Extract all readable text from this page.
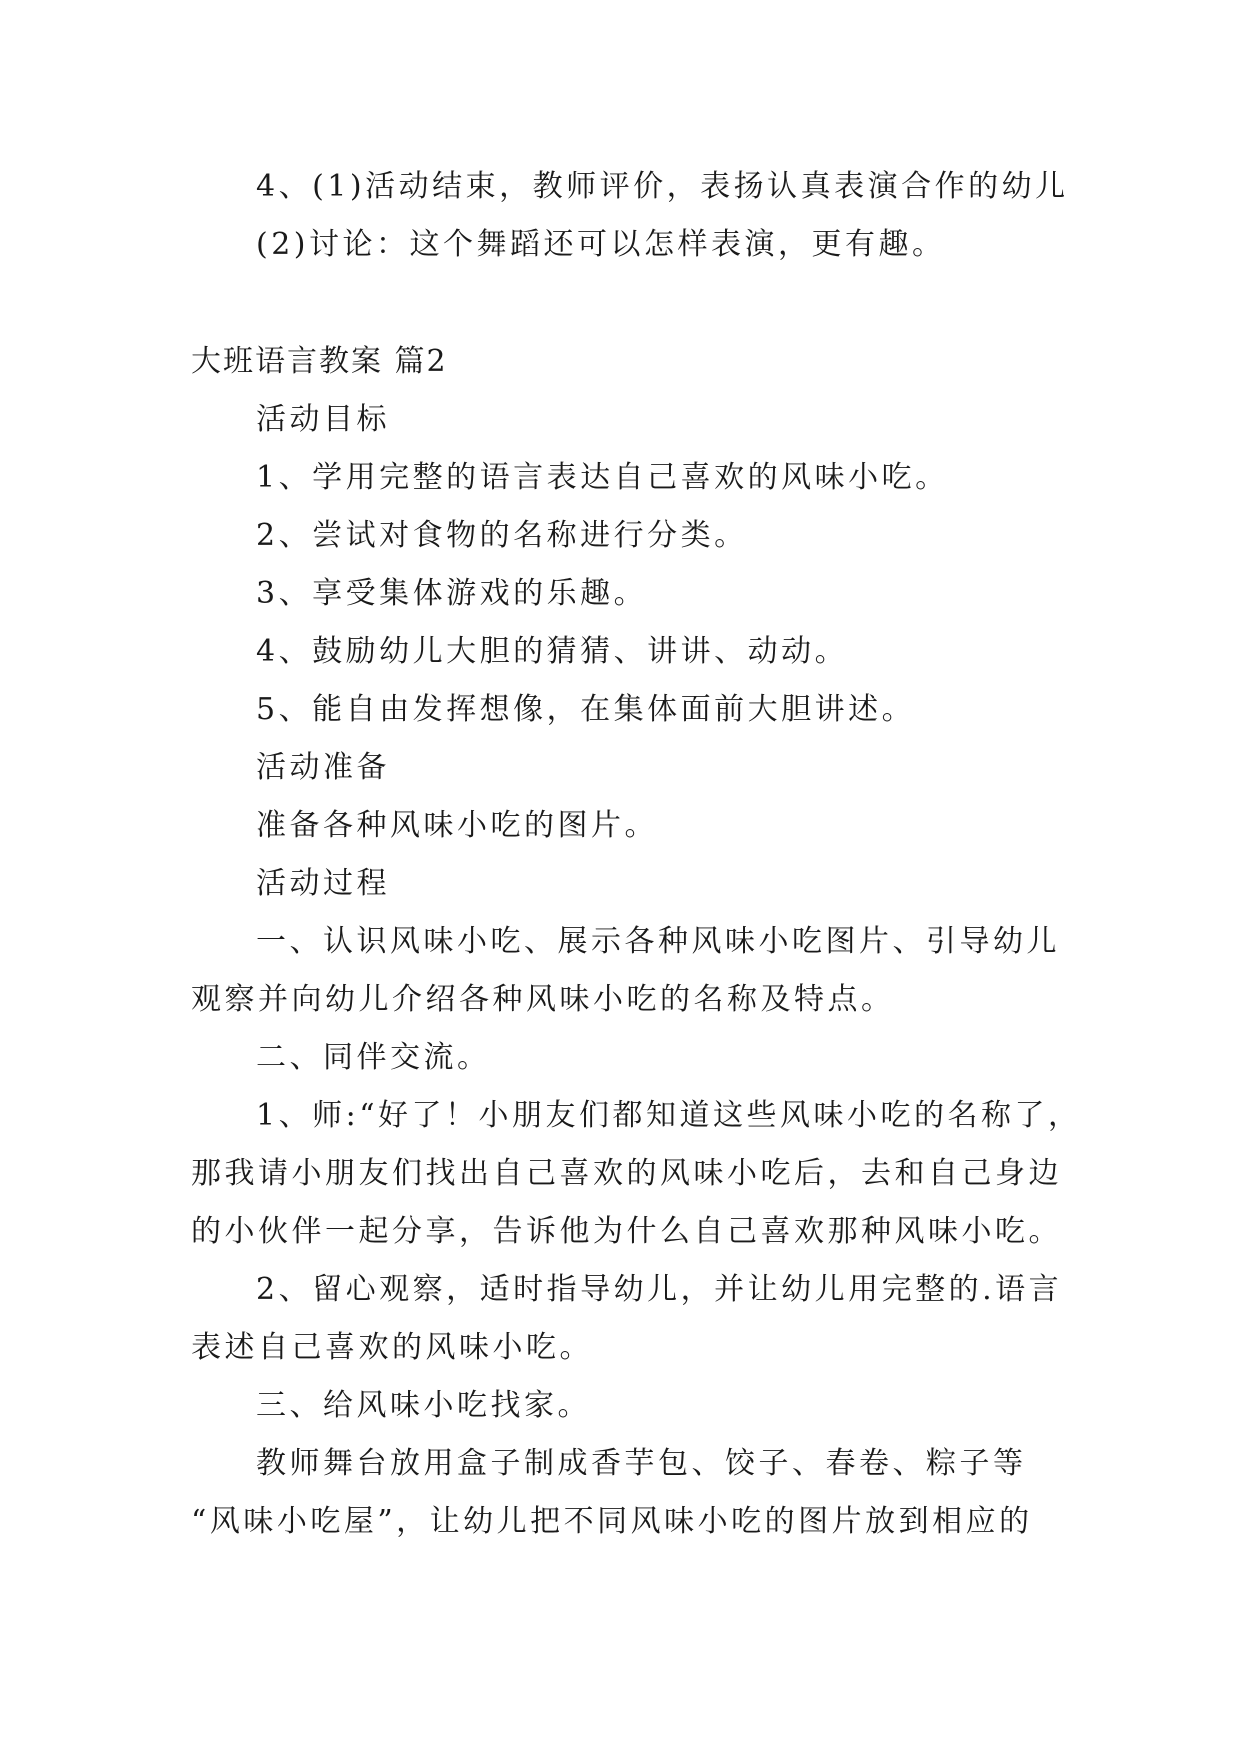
4、(1)活动结束，教师评价，表扬认真表演合作的幼儿
(2)讨论：这个舞蹈还可以怎样表演，更有趣。
大班语言教案 篇2
活动目标
1、学用完整的语言表达自己喜欢的风味小吃。
2、尝试对食物的名称进行分类。
3、享受集体游戏的乐趣。
4、鼓励幼儿大胆的猜猜、讲讲、动动。
5、能自由发挥想像，在集体面前大胆讲述。
活动准备
准备各种风味小吃的图片。
活动过程
一、认识风味小吃、展示各种风味小吃图片、引导幼儿
观察并向幼儿介绍各种风味小吃的名称及特点。
二、同伴交流。
1、师:“好了！小朋友们都知道这些风味小吃的名称了，
那我请小朋友们找出自己喜欢的风味小吃后，去和自己身边
的小伙伴一起分享，告诉他为什么自己喜欢那种风味小吃。
2、留心观察，适时指导幼儿，并让幼儿用完整的.语言
表述自己喜欢的风味小吃。
三、给风味小吃找家。
教师舞台放用盒子制成香芋包、饺子、春卷、粽子等
“风味小吃屋”，让幼儿把不同风味小吃的图片放到相应的
